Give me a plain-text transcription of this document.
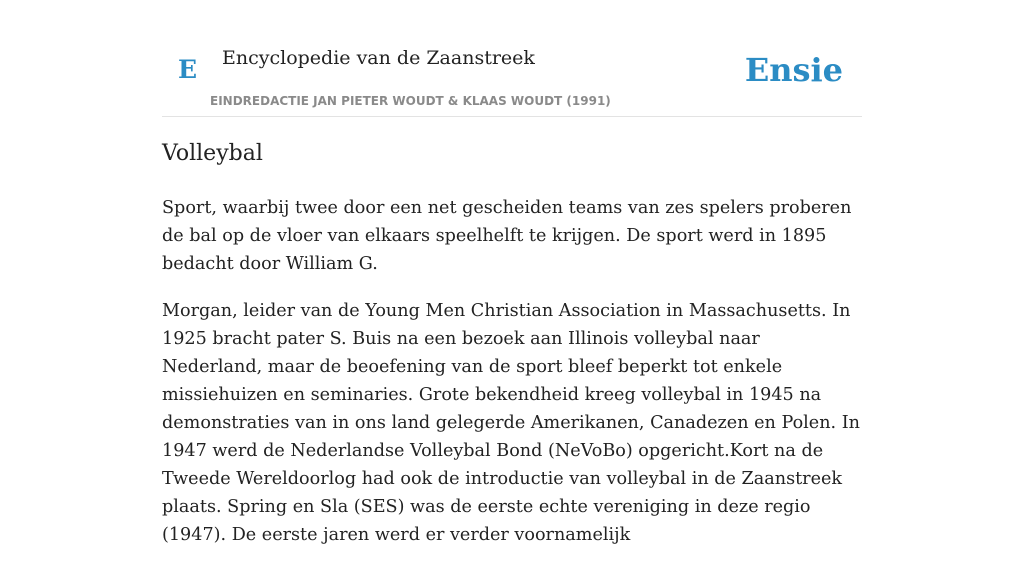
E Encyclopedie van de Zaanstreek
EINDREDACTIE JAN PIETER WOUDT & KLAAS WOUDT (1991)
Ensie
Volleybal

Sport, waarbij twee door een net gescheiden teams van zes spelers proberen de bal op de vloer van elkaars speelhelft te krijgen. De sport werd in 1895 bedacht door William G.

Morgan, leider van de Young Men Christian Association in Massachusetts. In 1925 bracht pater S. Buis na een bezoek aan Illinois volleybal naar Nederland, maar de beoefening van de sport bleef beperkt tot enkele missiehuizen en seminaries. Grote bekendheid kreeg volleybal in 1945 na demonstraties van in ons land gelegerde Amerikanen, Canadezen en Polen. In 1947 werd de Nederlandse Volleybal Bond (NeVoBo) opgericht.Kort na de Tweede Wereldoorlog had ook de introductie van volleybal in de Zaanstreek plaats. Spring en Sla (SES) was de eerste echte vereniging in deze regio (1947). De eerste jaren werd er verder voornamelijk
